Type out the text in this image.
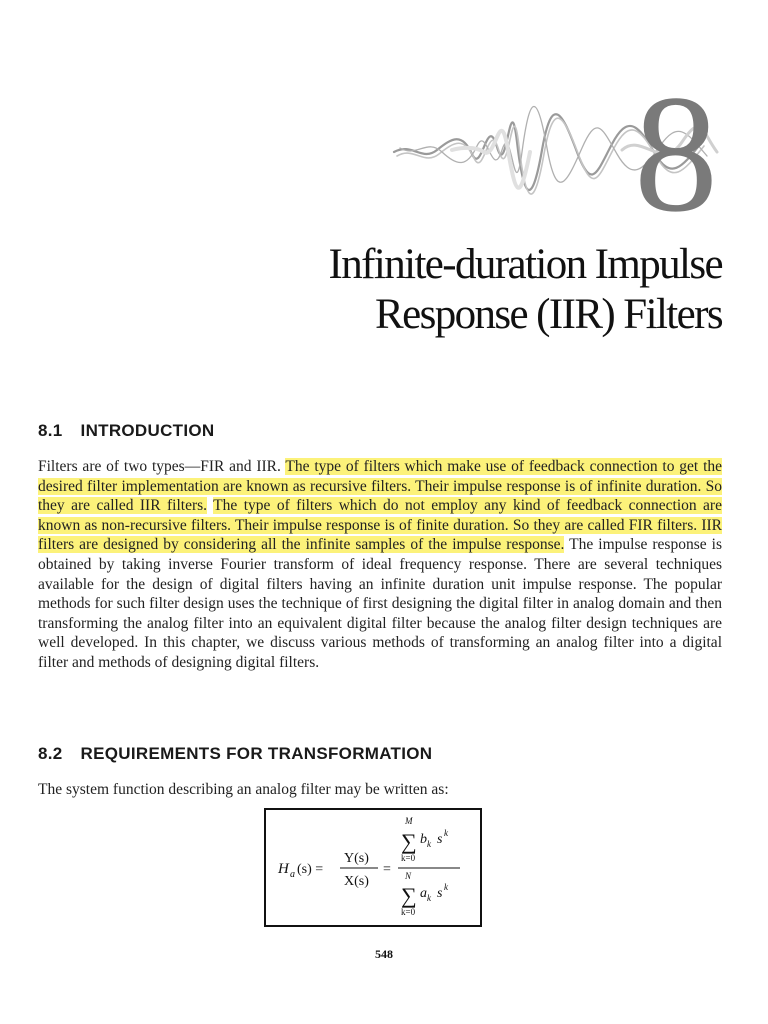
8
Infinite-duration Impulse
Response (IIR) Filters
8.1 INTRODUCTION

Filters are of two types—FIR and IIR. The type of filters which make use of feedback connection to get the desired filter implementation are known as recursive filters. Their impulse response is of infinite duration. So they are called IIR filters. The type of filters which do not employ any kind of feedback connection are known as non-recursive filters. Their impulse response is of finite duration. So they are called FIR filters. IIR filters are designed by considering all the infinite samples of the impulse response. The impulse response is obtained by taking inverse Fourier transform of ideal frequency response. There are several techniques available for the design of digital filters having an infinite duration unit impulse response. The popular methods for such filter design uses the technique of first designing the digital filter in analog domain and then transforming the analog filter into an equivalent digital filter because the analog filter design techniques are well developed. In this chapter, we discuss various methods of transforming an analog filter into a digital filter and methods of designing digital filters.

8.2 REQUIREMENTS FOR TRANSFORMATION

The system function describing an analog filter may be written as:

H a (s) =
Y(s)
X(s)
=
M
∑
k=0
b k s k
N
∑
k=0
a k s k
548
